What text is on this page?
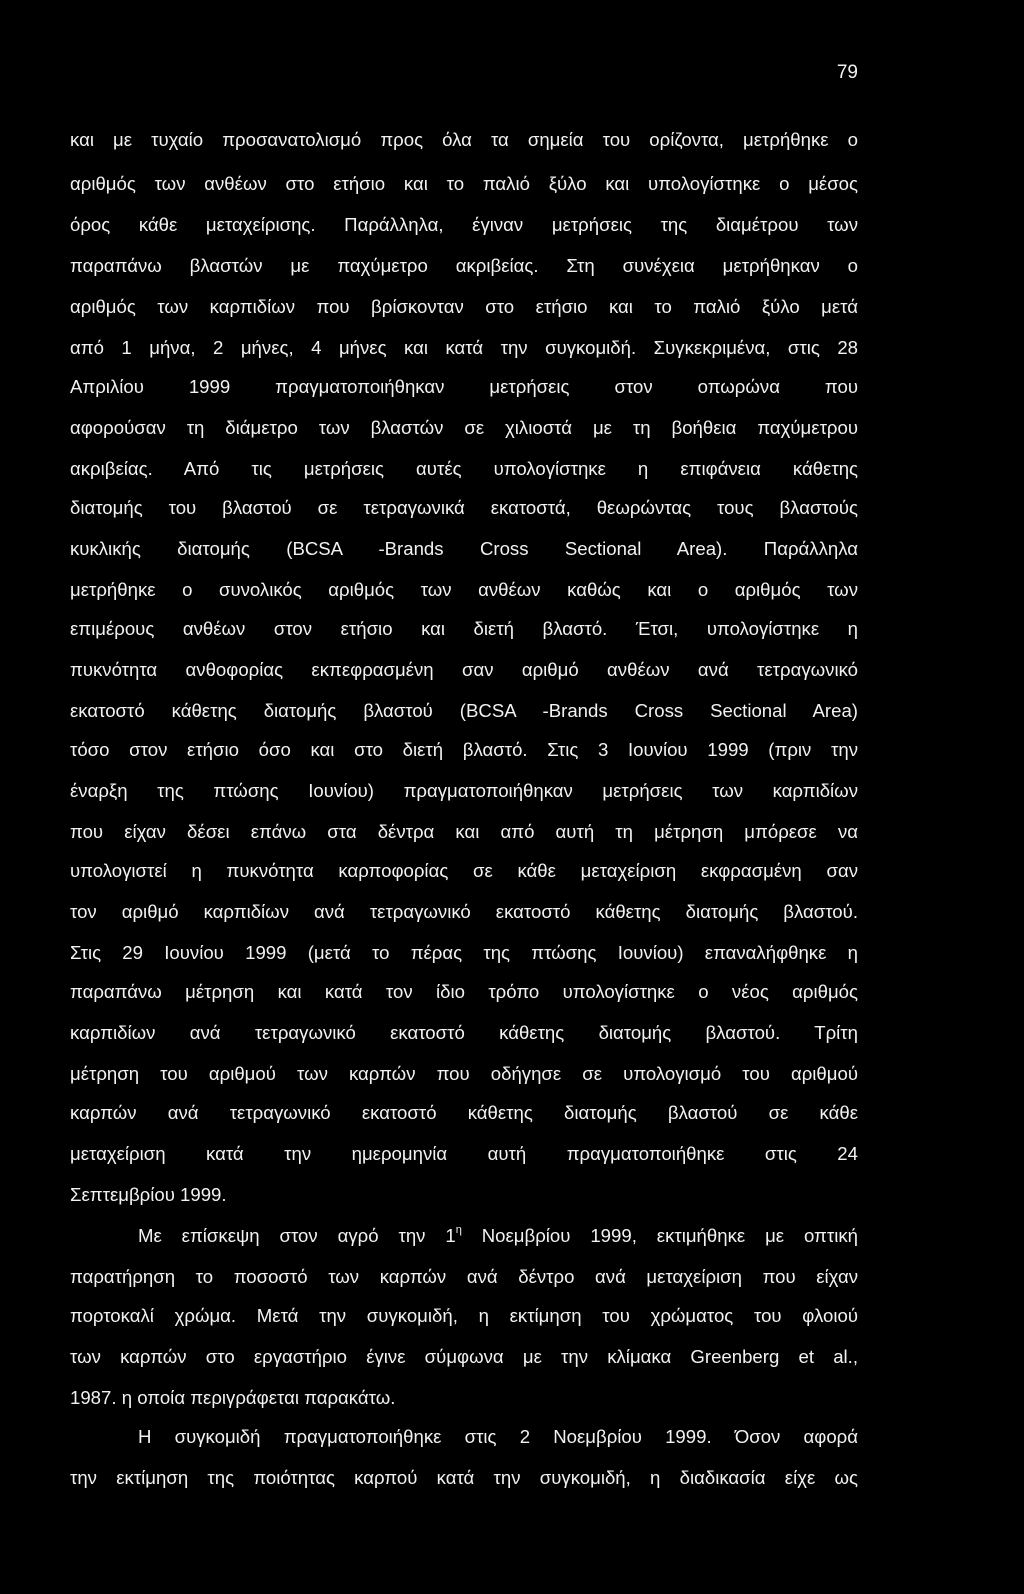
79
και με τυχαίο προσανατολισμό προς όλα τα σημεία του ορίζοντα, μετρήθηκε ο
αριθμός των ανθέων στο ετήσιο και το παλιό ξύλο και υπολογίστηκε ο μέσος
όρος κάθε μεταχείρισης. Παράλληλα, έγιναν μετρήσεις της διαμέτρου των
παραπάνω βλαστών με παχύμετρο ακριβείας. Στη συνέχεια μετρήθηκαν ο
αριθμός των καρπιδίων που βρίσκονταν στο ετήσιο και το παλιό ξύλο μετά
από 1 μήνα, 2 μήνες, 4 μήνες και κατά την συγκομιδή. Συγκεκριμένα, στις 28
Απριλίου 1999 πραγματοποιήθηκαν μετρήσεις στον οπωρώνα που
αφορούσαν τη διάμετρο των βλαστών σε χιλιοστά με τη βοήθεια παχύμετρου
ακριβείας. Από τις μετρήσεις αυτές υπολογίστηκε η επιφάνεια κάθετης
διατομής του βλαστού σε τετραγωνικά εκατοστά, θεωρώντας τους βλαστούς
κυκλικής διατομής (BCSA -Brands Cross Sectional Area). Παράλληλα
μετρήθηκε ο συνολικός αριθμός των ανθέων καθώς και ο αριθμός των
επιμέρους ανθέων στον ετήσιο και διετή βλαστό. Έτσι, υπολογίστηκε η
πυκνότητα ανθοφορίας εκπεφρασμένη σαν αριθμό ανθέων ανά τετραγωνικό
εκατοστό κάθετης διατομής βλαστού (BCSA -Brands Cross Sectional Area)
τόσο στον ετήσιο όσο και στο διετή βλαστό. Στις 3 Ιουνίου 1999 (πριν την
έναρξη της πτώσης Ιουνίου) πραγματοποιήθηκαν μετρήσεις των καρπιδίων
που είχαν δέσει επάνω στα δέντρα και από αυτή τη μέτρηση μπόρεσε να
υπολογιστεί η πυκνότητα καρποφορίας σε κάθε μεταχείριση εκφρασμένη σαν
τον αριθμό καρπιδίων ανά τετραγωνικό εκατοστό κάθετης διατομής βλαστού.
Στις 29 Ιουνίου 1999 (μετά το πέρας της πτώσης Ιουνίου) επαναλήφθηκε η
παραπάνω μέτρηση και κατά τον ίδιο τρόπο υπολογίστηκε ο νέος αριθμός
καρπιδίων ανά τετραγωνικό εκατοστό κάθετης διατομής βλαστού. Τρίτη
μέτρηση του αριθμού των καρπών που οδήγησε σε υπολογισμό του αριθμού
καρπών ανά τετραγωνικό εκατοστό κάθετης διατομής βλαστού σε κάθε
μεταχείριση κατά την ημερομηνία αυτή πραγματοποιήθηκε στις 24
Σεπτεμβρίου 1999.
Με επίσκεψη στον αγρό την $1^\eta$ Νοεμβρίου 1999, εκτιμήθηκε με οπτική
παρατήρηση το ποσοστό των καρπών ανά δέντρο ανά μεταχείριση που είχαν
πορτοκαλί χρώμα. Μετά την συγκομιδή, η εκτίμηση του χρώματος του φλοιού
των καρπών στο εργαστήριο έγινε σύμφωνα με την κλίμακα Greenberg et al.,
1987. η οποία περιγράφεται παρακάτω.
Η συγκομιδή πραγματοποιήθηκε στις 2 Νοεμβρίου 1999. Όσον αφορά
την εκτίμηση της ποιότητας καρπού κατά την συγκομιδή, η διαδικασία είχε ως
